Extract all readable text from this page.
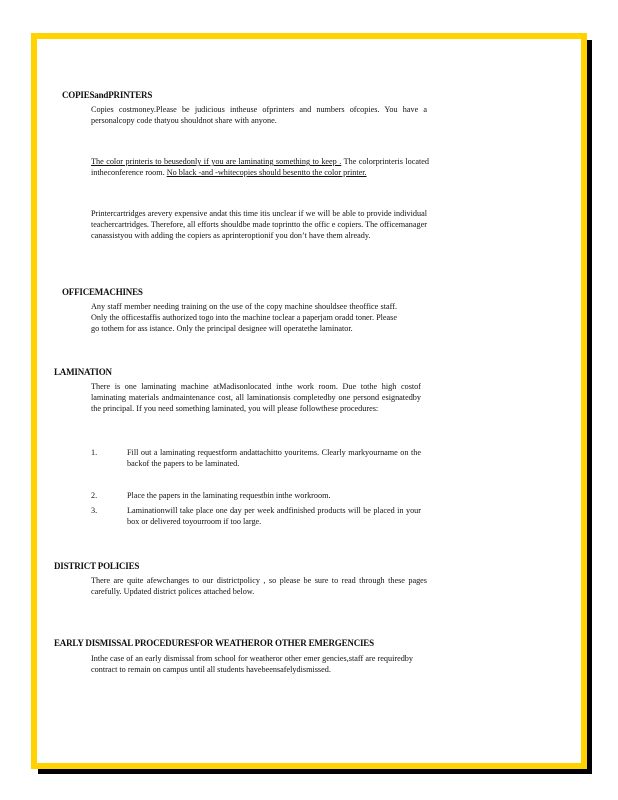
COPIESandPRINTERS
Copies costmoney.Please be judicious intheuse ofprinters and numbers ofcopies. You have a personalcopy code thatyou shouldnot share with anyone.
The color printeris to beusedonly if you are laminating something to keep . The colorprinteris located intheconference room. No black -and -whitecopies should besentto the color printer.
Printercartridges arevery expensive andat this time itis unclear if we will be able to provide individual teachercartridges. Therefore, all efforts shouldbe made toprintto the offic e copiers. The officemanager canassistyou with adding the copiers as aprinteroptionif you don’t have them already.
OFFICEMACHINES
Any staff member needing training on the use of the copy machine shouldsee theoffice staff. Only the officestaffis authorized togo into the machine toclear a paperjam oradd toner. Please go tothem for ass istance. Only the principal designee will operatethe laminator.
LAMINATION
There is one laminating machine atMadisonlocated inthe work room. Due tothe high costof laminating materials andmaintenance cost, all laminationsis completedby one persond esignatedby the principal. If you need something laminated, you will please followthese procedures:
1.	Fill out a laminating requestform andattachitto youritems. Clearly markyourname on the backof the papers to be laminated.
2.	Place the papers in the laminating requestbin inthe workroom.
3.	Laminationwill take place one day per week andfinished products will be placed in your box or delivered toyourroom if too large.
DISTRICT POLICIES
There are quite afewchanges to our districtpolicy , so please be sure to read through these pages carefully. Updated district polices attached below.
EARLY DISMISSAL PROCEDURESFOR WEATHEROR OTHER EMERGENCIES
Inthe case of an early dismissal from school for weatheror other emer gencies,staff are requiredby contract to remain on campus until all students havebeensafelydismissed.
